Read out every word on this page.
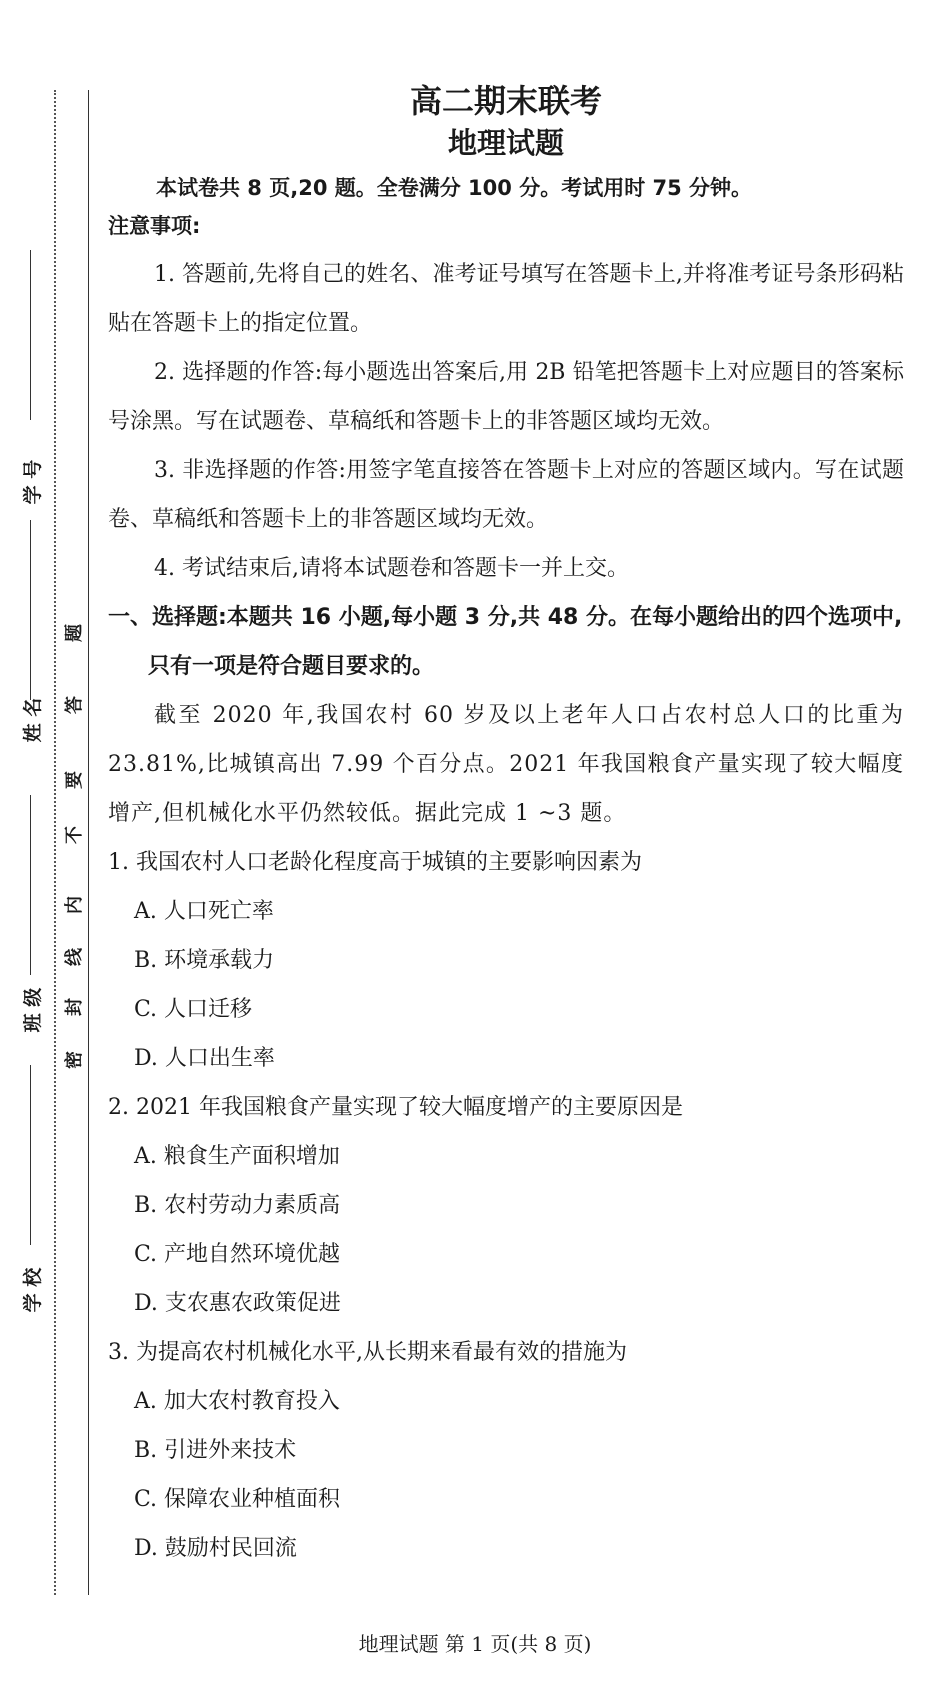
学 号
姓 名
班 级
学 校
密
封
线
内
不
要
答
题
高二期末联考
地理试题

本试卷共 8 页,20 题。全卷满分 100 分。考试用时 75 分钟。

注意事项:

1. 答题前,先将自己的姓名、准考证号填写在答题卡上,并将准考证号条形码粘贴在答题卡上的指定位置。

2. 选择题的作答:每小题选出答案后,用 2B 铅笔把答题卡上对应题目的答案标号涂黑。写在试题卷、草稿纸和答题卡上的非答题区域均无效。

3. 非选择题的作答:用签字笔直接答在答题卡上对应的答题区域内。写在试题卷、草稿纸和答题卡上的非答题区域均无效。

4. 考试结束后,请将本试题卷和答题卡一并上交。

一、选择题:本题共 16 小题,每小题 3 分,共 48 分。在每小题给出的四个选项中,只有一项是符合题目要求的。

截至 2020 年,我国农村 60 岁及以上老年人口占农村总人口的比重为 23.81%,比城镇高出 7.99 个百分点。2021 年我国粮食产量实现了较大幅度增产,但机械化水平仍然较低。据此完成 1 ~3 题。

1. 我国农村人口老龄化程度高于城镇的主要影响因素为

A. 人口死亡率

B. 环境承载力

C. 人口迁移

D. 人口出生率

2. 2021 年我国粮食产量实现了较大幅度增产的主要原因是

A. 粮食生产面积增加

B. 农村劳动力素质高

C. 产地自然环境优越

D. 支农惠农政策促进

3. 为提高农村机械化水平,从长期来看最有效的措施为

A. 加大农村教育投入

B. 引进外来技术

C. 保障农业种植面积

D. 鼓励村民回流

地理试题 第 1 页(共 8 页)
